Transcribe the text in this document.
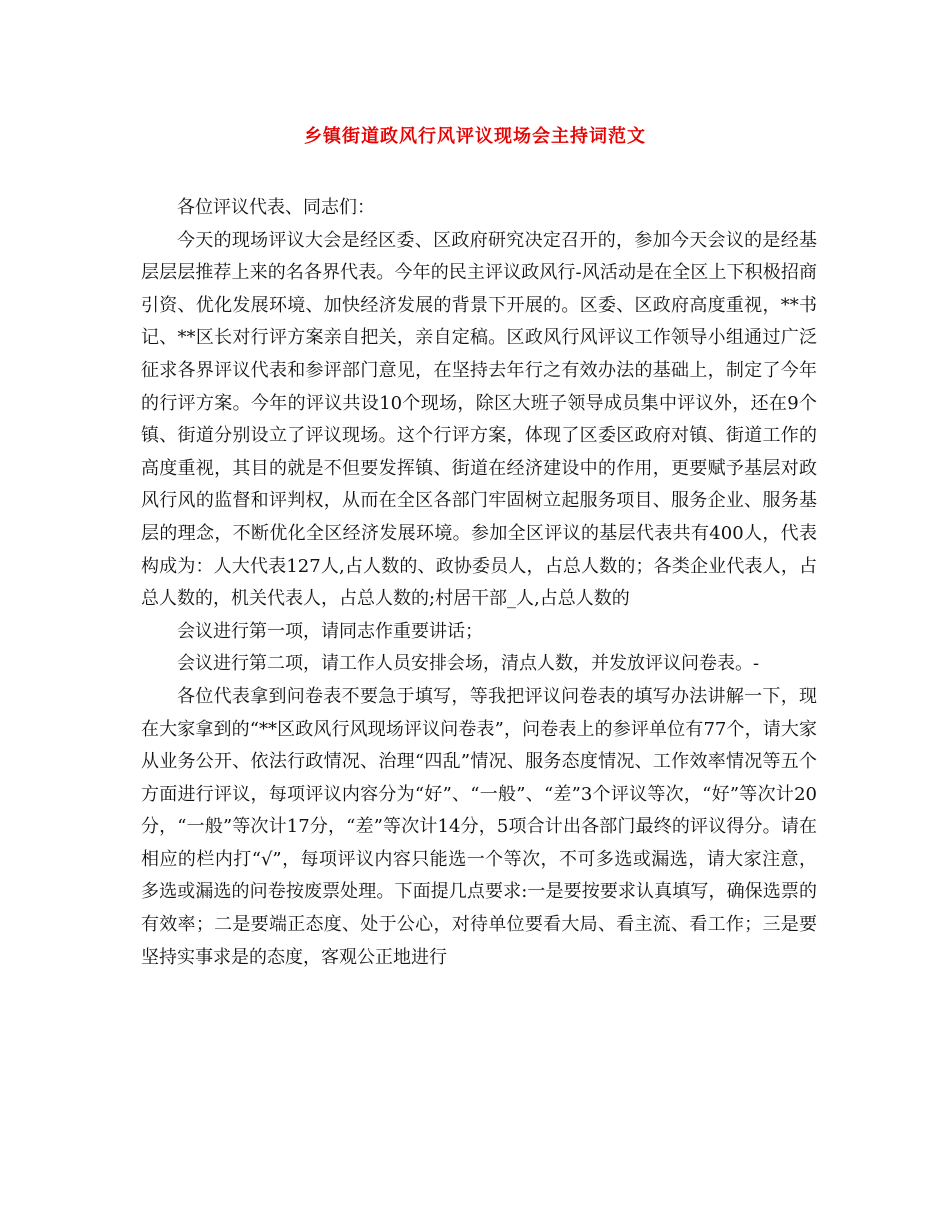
乡镇街道政风行风评议现场会主持词范文

各位评议代表、同志们：

今天的现场评议大会是经区委、区政府研究决定召开的，参加今天会议的是经基层层层推荐上来的名各界代表。今年的民主评议政风行-风活动是在全区上下积极招商引资、优化发展环境、加快经济发展的背景下开展的。区委、区政府高度重视，**书记、**区长对行评方案亲自把关，亲自定稿。区政风行风评议工作领导小组通过广泛征求各界评议代表和参评部门意见，在坚持去年行之有效办法的基础上，制定了今年的行评方案。今年的评议共设10个现场，除区大班子领导成员集中评议外，还在9个镇、街道分别设立了评议现场。这个行评方案，体现了区委区政府对镇、街道工作的高度重视，其目的就是不但要发挥镇、街道在经济建设中的作用，更要赋予基层对政风行风的监督和评判权，从而在全区各部门牢固树立起服务项目、服务企业、服务基层的理念，不断优化全区经济发展环境。参加全区评议的基层代表共有400人，代表构成为：人大代表127人,占人数的、政协委员人，占总人数的；各类企业代表人，占总人数的，机关代表人，占总人数的;村居干部_人,占总人数的

会议进行第一项，请同志作重要讲话；

会议进行第二项，请工作人员安排会场，清点人数，并发放评议问卷表。-

各位代表拿到问卷表不要急于填写，等我把评议问卷表的填写办法讲解一下，现在大家拿到的“**区政风行风现场评议问卷表”，问卷表上的参评单位有77个，请大家从业务公开、依法行政情况、治理“四乱”情况、服务态度情况、工作效率情况等五个方面进行评议，每项评议内容分为“好”、“一般”、“差”3个评议等次，“好”等次计20分，“一般”等次计17分，“差”等次计14分，5项合计出各部门最终的评议得分。请在相应的栏内打“√”，每项评议内容只能选一个等次，不可多选或漏选，请大家注意，多选或漏选的问卷按废票处理。下面提几点要求:一是要按要求认真填写，确保选票的有效率；二是要端正态度、处于公心，对待单位要看大局、看主流、看工作；三是要坚持实事求是的态度，客观公正地进行
